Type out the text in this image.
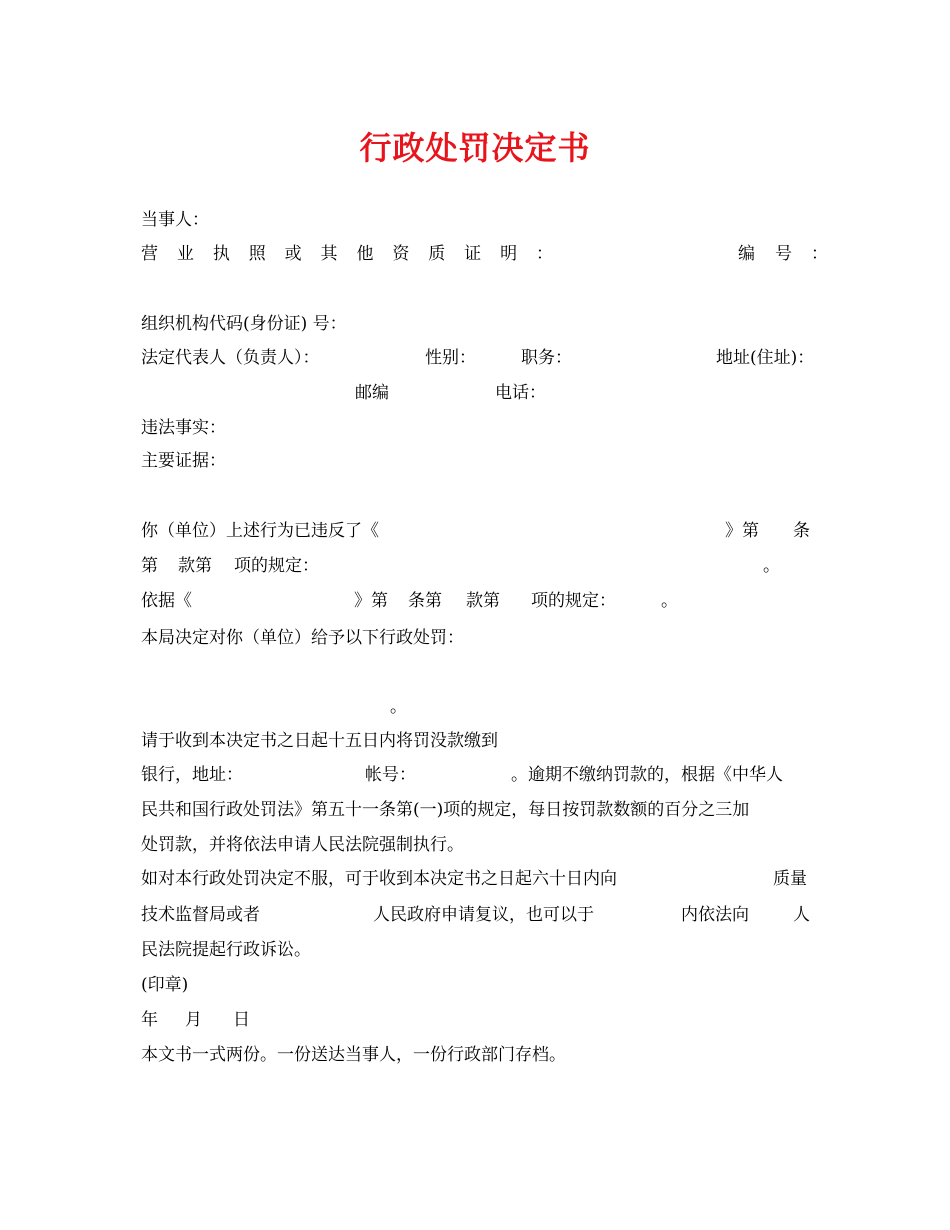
行政处罚决定书
当事人：
营 业 执 照 或 其 他 资 质 证 明 ：	编 号 ：
组织机构代码(身份证) 号：
法定代表人（负责人）：	性别：	职务：	地址(住址)：
邮编	电话：
违法事实：
主要证据：
你（单位）上述行为已违反了《	》第 条
第 款第 项的规定：	。
依据《	》第 条第 款第 项的规定：	。
本局决定对你（单位）给予以下行政处罚：
。
请于收到本决定书之日起十五日内将罚没款缴到
银行，地址：	帐号：	。逾期不缴纳罚款的，根据《中华人
民共和国行政处罚法》第五十一条第(一)项的规定，每日按罚款数额的百分之三加
处罚款，并将依法申请人民法院强制执行。
如对本行政处罚决定不服，可于收到本决定书之日起六十日内向	质量
技术监督局或者	人民政府申请复议，也可以于	内依法向	人
民法院提起行政诉讼。
(印章)
年 月 日
本文书一式两份。一份送达当事人，一份行政部门存档。
